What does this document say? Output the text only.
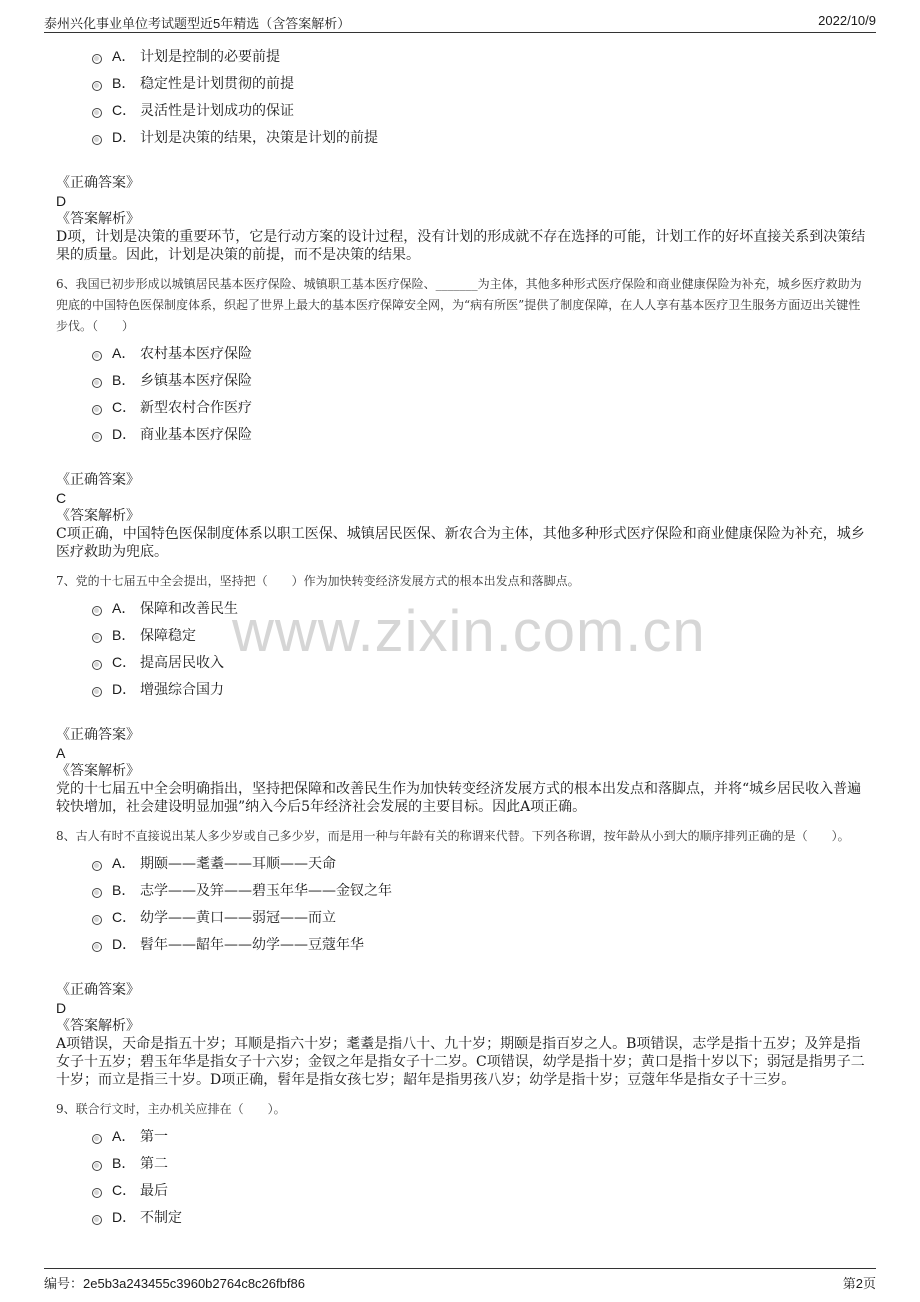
泰州兴化事业单位考试题型近5年精选（含答案解析）	2022/10/9
www.zixin.com.cn
A． 计划是控制的必要前提
B． 稳定性是计划贯彻的前提
C． 灵活性是计划成功的保证
D． 计划是决策的结果，决策是计划的前提
《正确答案》
D
《答案解析》
D项，计划是决策的重要环节，它是行动方案的设计过程，没有计划的形成就不存在选择的可能，计划工作的好坏直接关系到决策结果的质量。因此，计划是决策的前提，而不是决策的结果。
6、我国已初步形成以城镇居民基本医疗保险、城镇职工基本医疗保险、_______为主体，其他多种形式医疗保险和商业健康保险为补充，城乡医疗救助为兜底的中国特色医保制度体系，织起了世界上最大的基本医疗保障安全网，为“病有所医”提供了制度保障，在人人享有基本医疗卫生服务方面迈出关键性步伐。（　　）
A． 农村基本医疗保险
B． 乡镇基本医疗保险
C． 新型农村合作医疗
D． 商业基本医疗保险
《正确答案》
C
《答案解析》
C项正确，中国特色医保制度体系以职工医保、城镇居民医保、新农合为主体，其他多种形式医疗保险和商业健康保险为补充，城乡医疗救助为兜底。
7、党的十七届五中全会提出，坚持把（　　）作为加快转变经济发展方式的根本出发点和落脚点。
A． 保障和改善民生
B． 保障稳定
C． 提高居民收入
D． 增强综合国力
《正确答案》
A
《答案解析》
党的十七届五中全会明确指出，坚持把保障和改善民生作为加快转变经济发展方式的根本出发点和落脚点，并将“城乡居民收入普遍较快增加，社会建设明显加强”纳入今后5年经济社会发展的主要目标。因此A项正确。
8、古人有时不直接说出某人多少岁或自己多少岁，而是用一种与年龄有关的称谓来代替。下列各称谓，按年龄从小到大的顺序排列正确的是（　　）。
A． 期颐——耄耋——耳顺——天命
B． 志学——及笄——碧玉年华——金钗之年
C． 幼学——黄口——弱冠——而立
D． 髫年——龆年——幼学——豆蔻年华
《正确答案》
D
《答案解析》
A项错误，天命是指五十岁；耳顺是指六十岁；耄耋是指八十、九十岁；期颐是指百岁之人。B项错误，志学是指十五岁；及笄是指女子十五岁；碧玉年华是指女子十六岁；金钗之年是指女子十二岁。C项错误，幼学是指十岁；黄口是指十岁以下；弱冠是指男子二十岁；而立是指三十岁。D项正确，髫年是指女孩七岁；龆年是指男孩八岁；幼学是指十岁；豆蔻年华是指女子十三岁。
9、联合行文时，主办机关应排在（　　）。
A． 第一
B． 第二
C． 最后
D． 不制定
编号：2e5b3a243455c3960b2764c8c26fbf86	第2页
